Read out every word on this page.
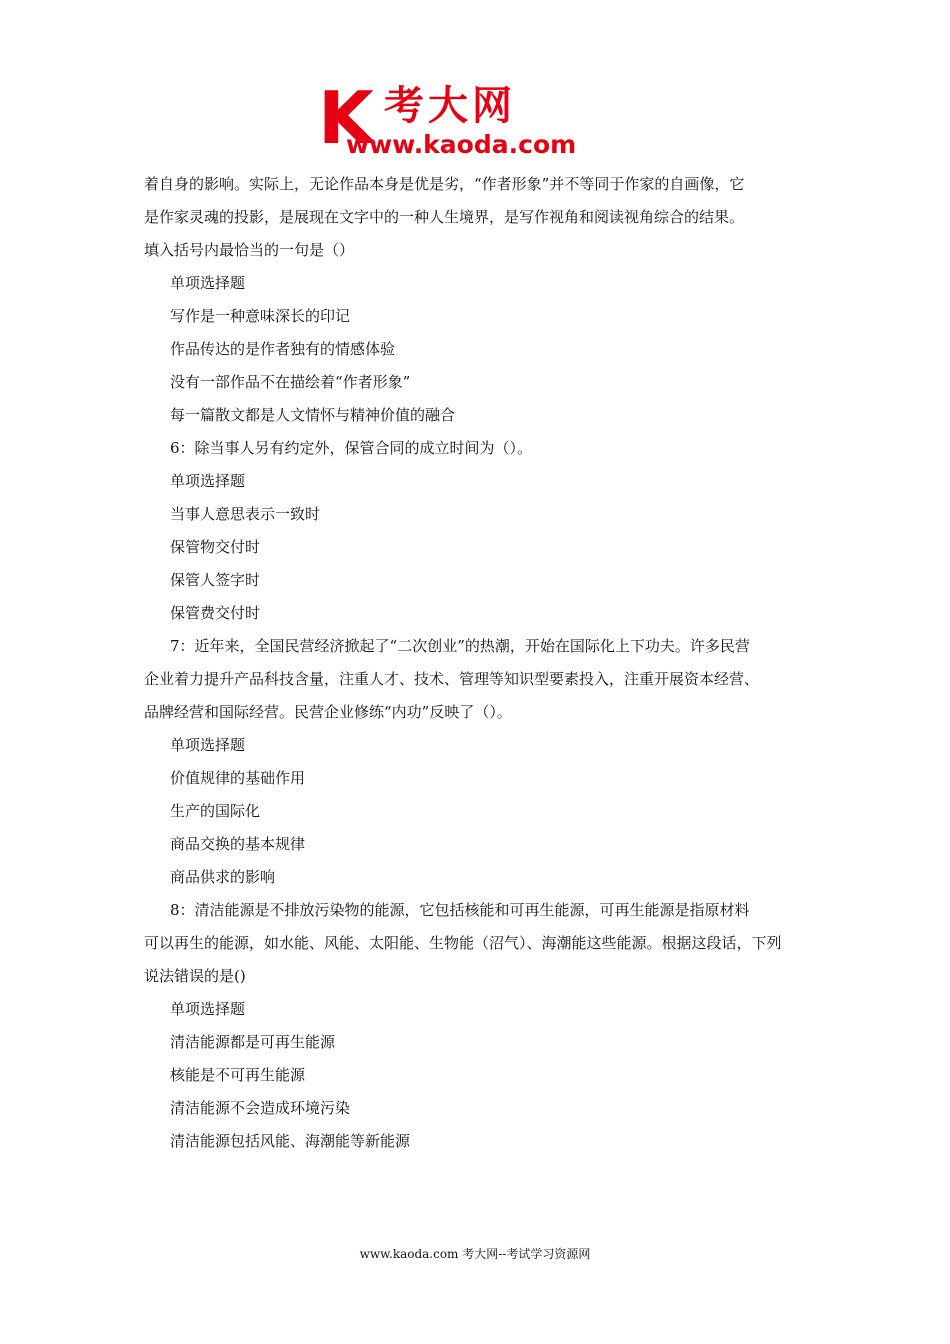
K 考大网
www.kaoda.com

着自身的影响。实际上，无论作品本身是优是劣，“作者形象”并不等同于作家的自画像，它

是作家灵魂的投影，是展现在文字中的一种人生境界，是写作视角和阅读视角综合的结果。

填入括号内最恰当的一句是（）

单项选择题

写作是一种意味深长的印记

作品传达的是作者独有的情感体验

没有一部作品不在描绘着“作者形象”

每一篇散文都是人文情怀与精神价值的融合

6：除当事人另有约定外，保管合同的成立时间为（）。

单项选择题

当事人意思表示一致时

保管物交付时

保管人签字时

保管费交付时

7：近年来，全国民营经济掀起了“二次创业”的热潮，开始在国际化上下功夫。许多民营

企业着力提升产品科技含量，注重人才、技术、管理等知识型要素投入，注重开展资本经营、

品牌经营和国际经营。民营企业修练“内功”反映了（）。

单项选择题

价值规律的基础作用

生产的国际化

商品交换的基本规律

商品供求的影响

8：清洁能源是不排放污染物的能源，它包括核能和可再生能源，可再生能源是指原材料

可以再生的能源，如水能、风能、太阳能、生物能（沼气）、海潮能这些能源。根据这段话，下列

说法错误的是()

单项选择题

清洁能源都是可再生能源

核能是不可再生能源

清洁能源不会造成环境污染

清洁能源包括风能、海潮能等新能源

www.kaoda.com 考大网--考试学习资源网
